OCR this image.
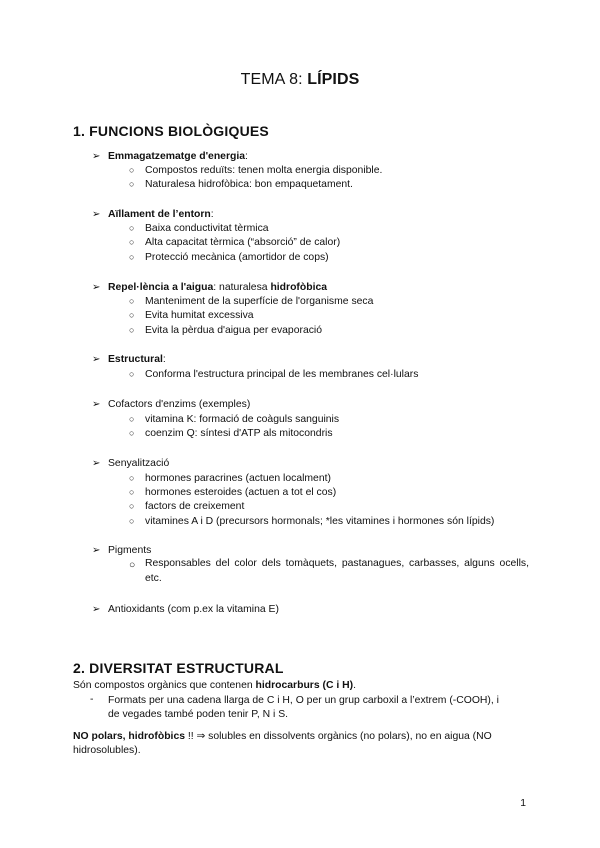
TEMA 8: LÍPIDS
1. FUNCIONS BIOLÒGIQUES
➢ Emmagatzematge d'energia:
○ Compostos reduïts: tenen molta energia disponible.
○ Naturalesa hidrofòbica: bon empaquetament.
➢ Aïllament de l’entorn:
○ Baixa conductivitat tèrmica
○ Alta capacitat tèrmica (“absorció” de calor)
○ Protecció mecànica (amortidor de cops)
➢ Repel·lència a l'aigua: naturalesa hidrofòbica
○ Manteniment de la superfície de l'organisme seca
○ Evita humitat excessiva
○ Evita la pèrdua d'aigua per evaporació
➢ Estructural:
○ Conforma l'estructura principal de les membranes cel·lulars
➢ Cofactors d'enzims (exemples)
○ vitamina K: formació de coàguls sanguinis
○ coenzim Q: síntesi d'ATP als mitocondris
➢ Senyalització
○ hormones paracrines (actuen localment)
○ hormones esteroides (actuen a tot el cos)
○ factors de creixement
○ vitamines A i D (precursors hormonals; *les vitamines i hormones són lípids)
➢ Pigments
○ Responsables del color dels tomàquets, pastanagues, carbasses, alguns ocells, etc.
➢ Antioxidants (com p.ex la vitamina E)
2. DIVERSITAT ESTRUCTURAL
Són compostos orgànics que contenen hidrocarburs (C i H).
- Formats per una cadena llarga de C i H, O per un grup carboxil a l’extrem (-COOH), i
de vegades també poden tenir P, N i S.
NO polars, hidrofòbics !! ⇒ solubles en dissolvents orgànics (no polars), no en aigua (NO
hidrosolubles).
1
